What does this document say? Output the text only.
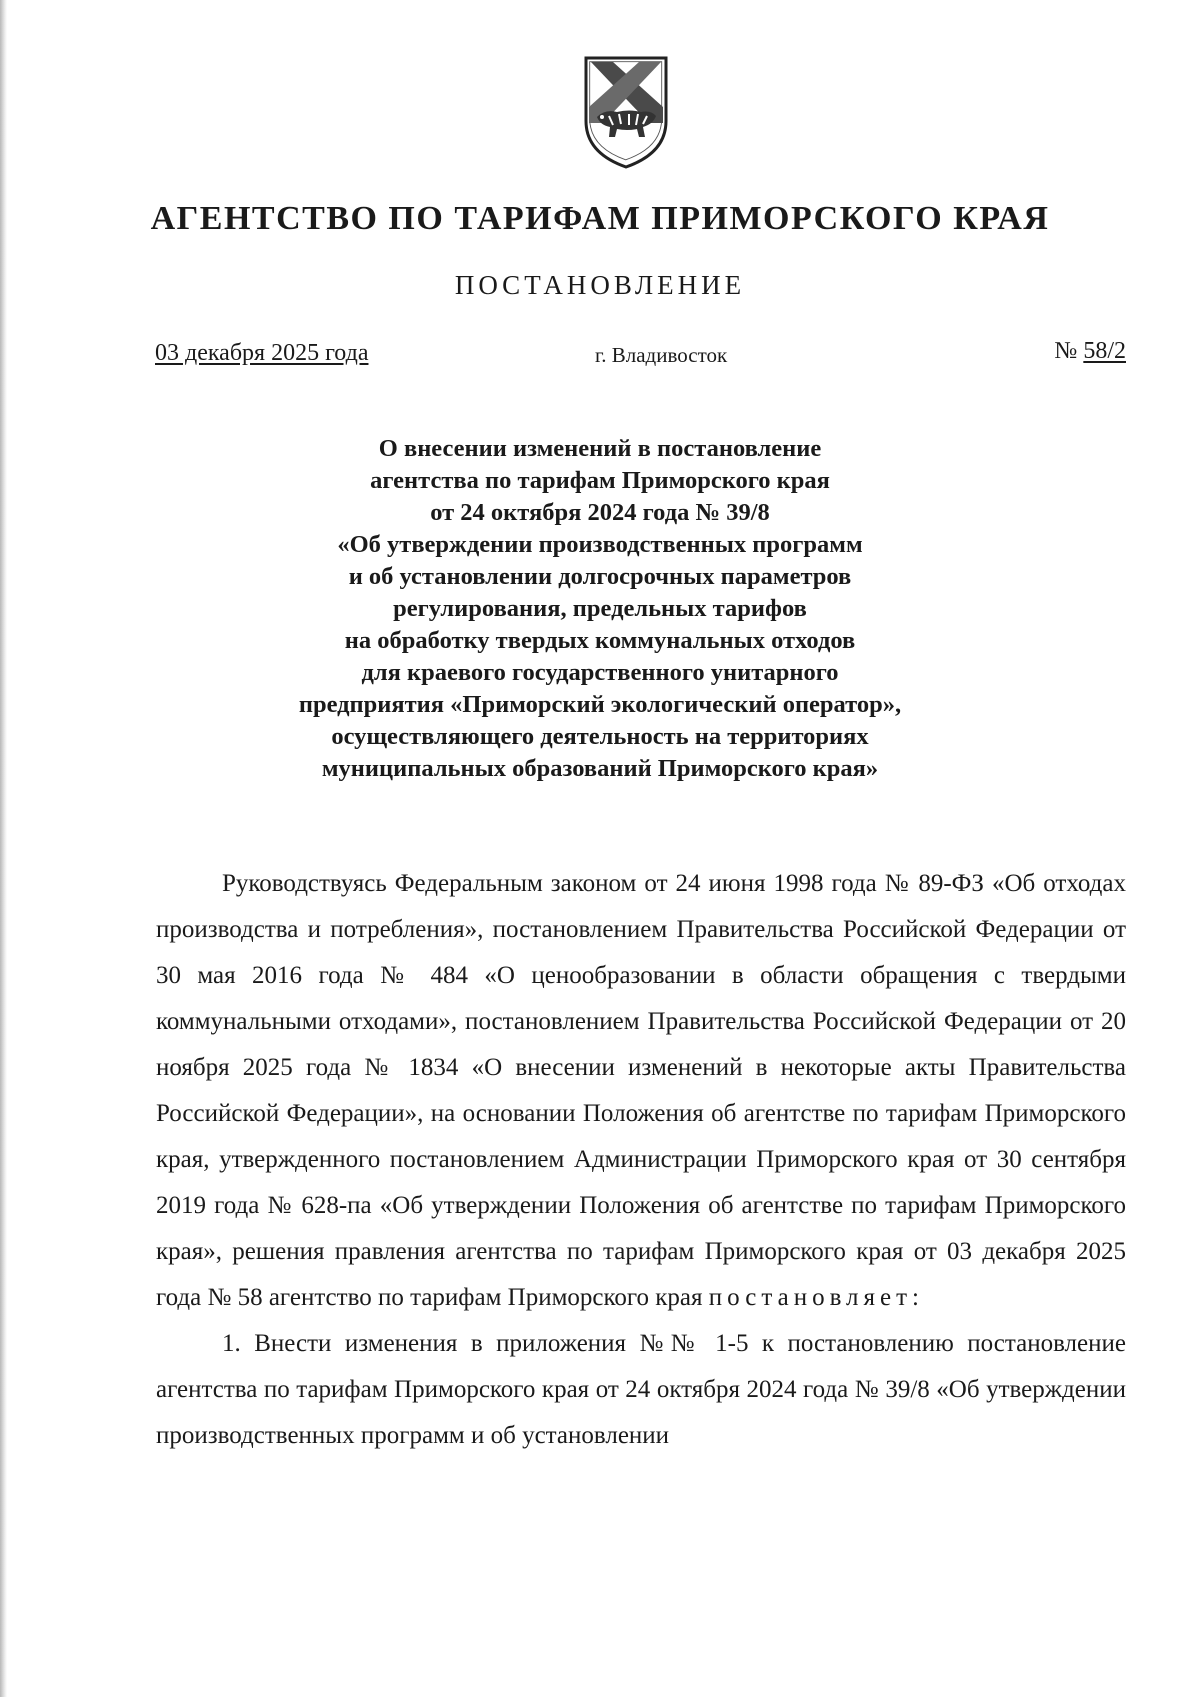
АГЕНТСТВО ПО ТАРИФАМ ПРИМОРСКОГО КРАЯ
ПОСТАНОВЛЕНИЕ
03 декабря 2025 года	г. Владивосток	№ 58/2
О внесении изменений в постановление
агентства по тарифам Приморского края
от 24 октября 2024 года № 39/8
«Об утверждении производственных программ
и об установлении долгосрочных параметров
регулирования, предельных тарифов
на обработку твердых коммунальных отходов
для краевого государственного унитарного
предприятия «Приморский экологический оператор»,
осуществляющего деятельность на территориях
муниципальных образований Приморского края»

Руководствуясь Федеральным законом от 24 июня 1998 года № 89-ФЗ «Об отходах производства и потребления», постановлением Правительства Российской Федерации от 30 мая 2016 года № 484 «О ценообразовании в области обращения с твердыми коммунальными отходами», постановлением Правительства Российской Федерации от 20 ноября 2025 года № 1834 «О внесении изменений в некоторые акты Правительства Российской Федерации», на основании Положения об агентстве по тарифам Приморского края, утвержденного постановлением Администрации Приморского края от 30 сентября 2019 года № 628-па «Об утверждении Положения об агентстве по тарифам Приморского края», решения правления агентства по тарифам Приморского края от 03 декабря 2025 года № 58 агентство по тарифам Приморского края постановляет:

1. Внести изменения в приложения №№ 1-5 к постановлению постановление агентства по тарифам Приморского края от 24 октября 2024 года № 39/8 «Об утверждении производственных программ и об установлении
